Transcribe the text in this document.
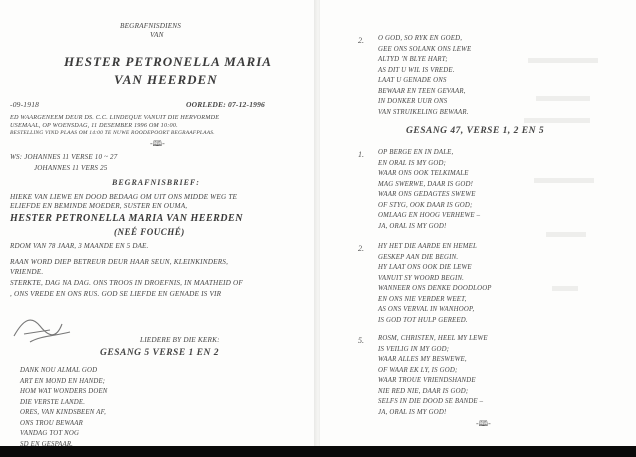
BEGRAFNISDIENS
VAN
HESTER PETRONELLA MARIA
VAN HEERDEN
-09-1918	OORLEDE: 07-12-1996
ED WAARGENEEM DEUR DS. C.C. LINDEQUE VANUIT DIE HERVORMDE
USEMAAL, OP WOENSDAG, 11 DESEMBER 1996 OM 10:00.
BESTELLING VIND PLAAS OM 14:00 TE NUWE ROODEPOORT BEGRAAFPLAAS.
-🕮-
WS: JOHANNES 11 VERSE 10 ~ 27
JOHANNES 11 VERS 25
BEGRAFNISBRIEF:
HIEKE VAN LIEWE EN DOOD BEDAAG OM UIT ONS MIDDE WEG TE
ELIEFDE EN BEMINDE MOEDER, SUSTER EN OUMA,
HESTER PETRONELLA MARIA VAN HEERDEN
(NEÉ FOUCHÉ)
RDOM VAN 78 JAAR, 3 MAANDE EN 5 DAE.
RAAN WORD DIEP BETREUR DEUR HAAR SEUN, KLEINKINDERS,
VRIENDE.
STERKTE, DAG NA DAG. ONS TROOS IN DROEFNIS, IN MAATHEID OF
, ONS VREDE EN ONS RUS. GOD SE LIEFDE EN GENADE IS VIR
LIEDERE BY DIE KERK:
GESANG 5 VERSE 1 EN 2
DANK NOU ALMAL GOD
ART EN MOND EN HANDE;
HOM WAT WONDERS DOEN
DIE VERSTE LANDE.
ORES, VAN KINDSBEEN AF,
ONS TROU BEWAAR
VANDAG TOT NOG
SD EN GESPAAR.
2. O GOD, SO RYK EN GOED,
GEE ONS SOLANK ONS LEWE
ALTYD 'N BLYE HART;
AS DIT U WIL IS VREDE.
LAAT U GENADE ONS
BEWAAR EN TEEN GEVAAR,
IN DONKER UUR ONS
VAN STRUIKELING BEWAAR.
GESANG 47, VERSE 1, 2 EN 5
1. OP BERGE EN IN DALE,
EN ORAL IS MY GOD;
WAAR ONS OOK TELKIMALE
MAG SWERWE, DAAR IS GOD!
WAAR ONS GEDAGTES SWEWE
OF STYG, OOK DAAR IS GOD;
OMLAAG EN HOOG VERHEWE –
JA, ORAL IS MY GOD!
2. HY HET DIE AARDE EN HEMEL
GESKEP AAN DIE BEGIN.
HY LAAT ONS OOK DIE LEWE
VANUIT SY WOORD BEGIN.
WANNEER ONS DENKE DOODLOOP
EN ONS NIE VERDER WEET,
AS ONS VERVAL IN WANHOOP,
IS GOD TOT HULP GEREED.
5. ROSM, CHRISTEN, HEEL MY LEWE
IS VEILIG IN MY GOD;
WAAR ALLES MY BESWEWE,
OF WAAR EK LY, IS GOD;
WAAR TROUE VRIENDSHANDE
NIE RED NIE, DAAR IS GOD;
SELFS IN DIE DOOD SE BANDE –
JA, ORAL IS MY GOD!
-🕮-
